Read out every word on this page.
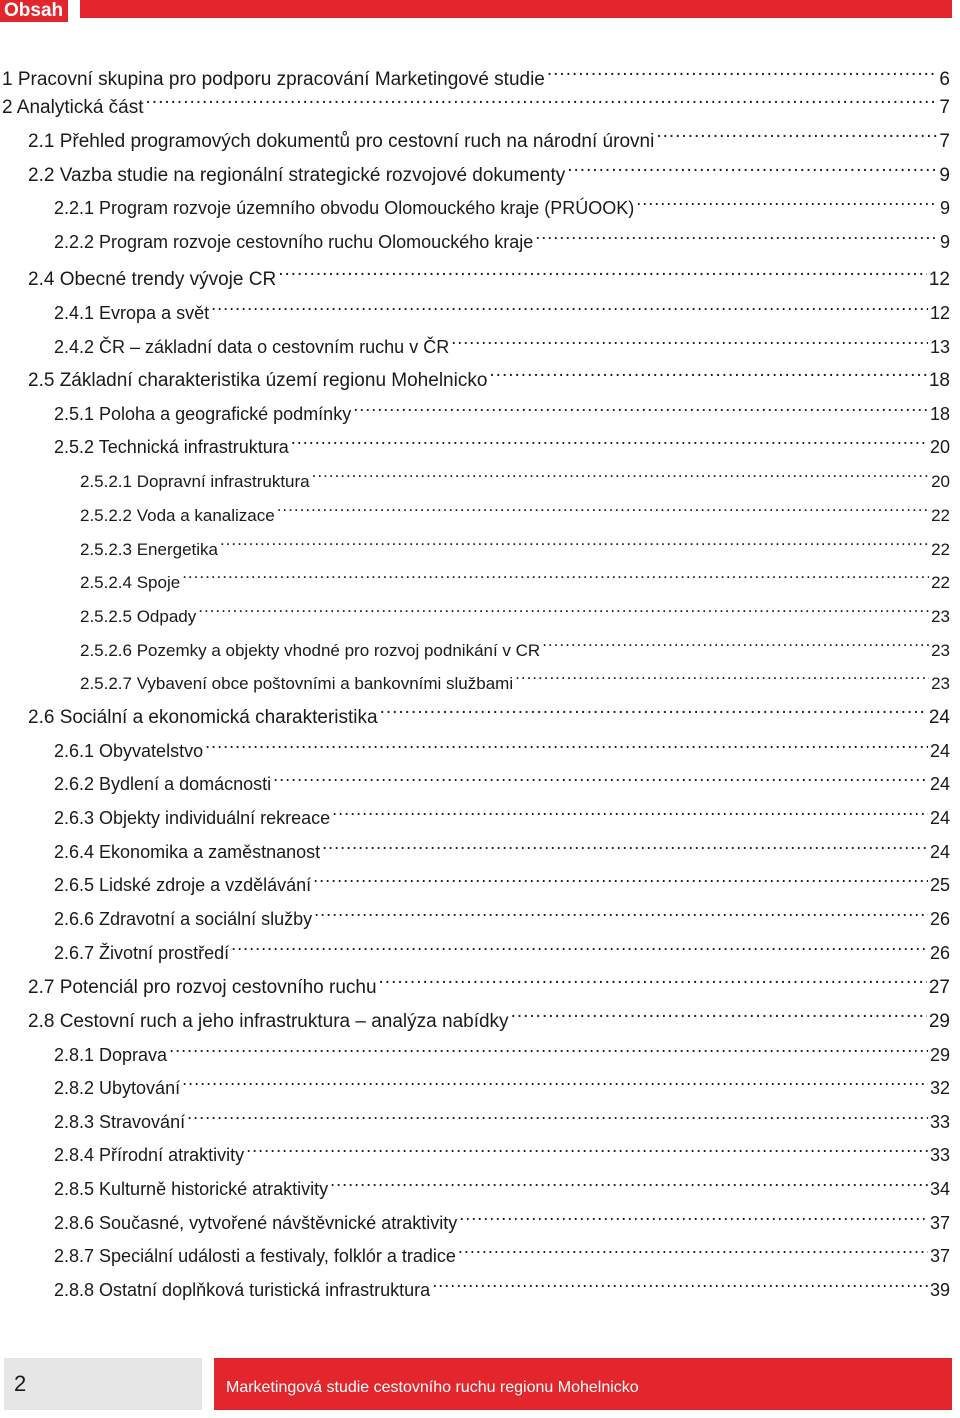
Obsah
1 Pracovní skupina pro podporu zpracování Marketingové studie .....	6
2 Analytická část .....	7
2.1 Přehled programových dokumentů pro cestovní ruch na národní úrovni .....	7
2.2 Vazba studie na regionální strategické rozvojové dokumenty .....	9
2.2.1 Program rozvoje územního obvodu Olomouckého kraje (PRÚOOK) .....	9
2.2.2 Program rozvoje cestovního ruchu Olomouckého kraje .....	9
2.4 Obecné trendy vývoje CR .....	12
2.4.1 Evropa a svět .....	12
2.4.2 ČR – základní data o cestovním ruchu v ČR .....	13
2.5 Základní charakteristika území regionu Mohelnicko .....	18
2.5.1 Poloha a geografické podmínky .....	18
2.5.2 Technická infrastruktura .....	20
2.5.2.1 Dopravní infrastruktura .....	20
2.5.2.2 Voda a kanalizace .....	22
2.5.2.3 Energetika .....	22
2.5.2.4 Spoje .....	22
2.5.2.5 Odpady .....	23
2.5.2.6 Pozemky a objekty vhodné pro rozvoj podnikání v CR .....	23
2.5.2.7 Vybavení obce poštovními a bankovními službami .....	23
2.6 Sociální a ekonomická charakteristika .....	24
2.6.1 Obyvatelstvo .....	24
2.6.2 Bydlení a domácnosti .....	24
2.6.3 Objekty individuální rekreace .....	24
2.6.4 Ekonomika a zaměstnanost .....	24
2.6.5 Lidské zdroje a vzdělávání .....	25
2.6.6 Zdravotní a sociální služby .....	26
2.6.7 Životní prostředí .....	26
2.7 Potenciál pro rozvoj cestovního ruchu .....	27
2.8 Cestovní ruch a jeho infrastruktura – analýza nabídky .....	29
2.8.1 Doprava .....	29
2.8.2 Ubytování .....	32
2.8.3 Stravování .....	33
2.8.4 Přírodní atraktivity .....	33
2.8.5 Kulturně historické atraktivity .....	34
2.8.6 Současné, vytvořené návštěvnické atraktivity .....	37
2.8.7 Speciální události a festivaly, folklór a tradice .....	37
2.8.8 Ostatní doplňková turistická infrastruktura .....	39
2	Marketingová studie cestovního ruchu regionu Mohelnicko
